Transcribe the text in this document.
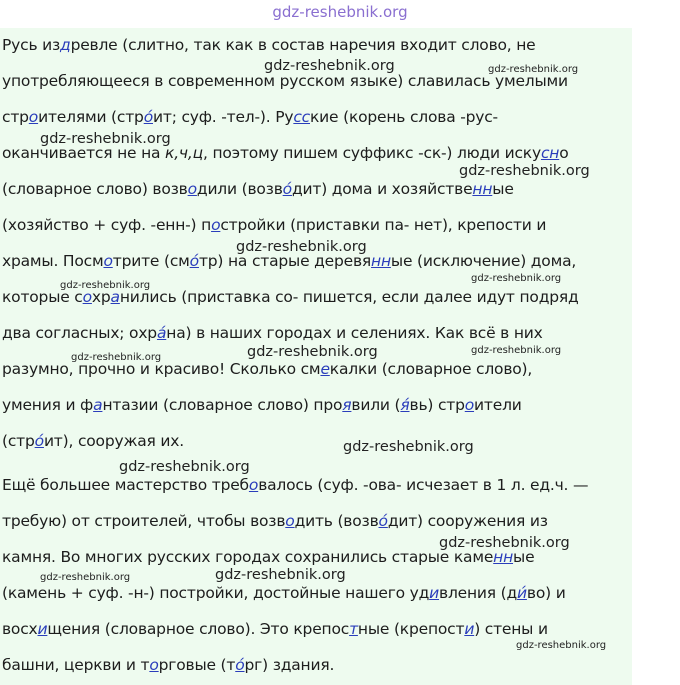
gdz-reshebnik.org
Русь издревле (слитно, так как в состав наречия входит слово, не
употребляющееся в современном русском языке) славилась умелыми
строителями (стро́ит; суф. -тел-). Русские (корень слова -рус-
оканчивается не на к,ч,ц, поэтому пишем суффикс -ск-) люди искусно
(словарное слово) возводили (возво́дит) дома и хозяйственные
(хозяйство + суф. -енн-) постройки (приставки па- нет), крепости и
храмы. Посмотрите (смо́тр) на старые деревянные (исключение) дома,
которые сохранились (приставка со- пишется, если далее идут подряд
два согласных; охра́на) в наших городах и селениях. Как всё в них
разумно, прочно и красиво! Сколько смекалки (словарное слово),
умения и фантазии (словарное слово) проявили (я́вь) строители
(стро́ит), сооружая их.
Ещё большее мастерство требовалось (суф. -ова- исчезает в 1 л. ед.ч. —
требую) от строителей, чтобы возводить (возво́дит) сооружения из
камня. Во многих русских городах сохранились старые каменные
(камень + суф. -н-) постройки, достойные нашего удивления (ди́во) и
восхищения (словарное слово). Это крепостные (крепости) стены и
башни, церкви и торговые (то́рг) здания.
gdz-reshebnik.org	gdz-reshebnik.org
gdz-reshebnik.org
gdz-reshebnik.org
gdz-reshebnik.org
gdz-reshebnik.org
gdz-reshebnik.org
gdz-reshebnik.org	gdz-reshebnik.org	gdz-reshebnik.org
gdz-reshebnik.org
gdz-reshebnik.org
gdz-reshebnik.org
gdz-reshebnik.org
gdz-reshebnik.org
gdz-reshebnik.org
